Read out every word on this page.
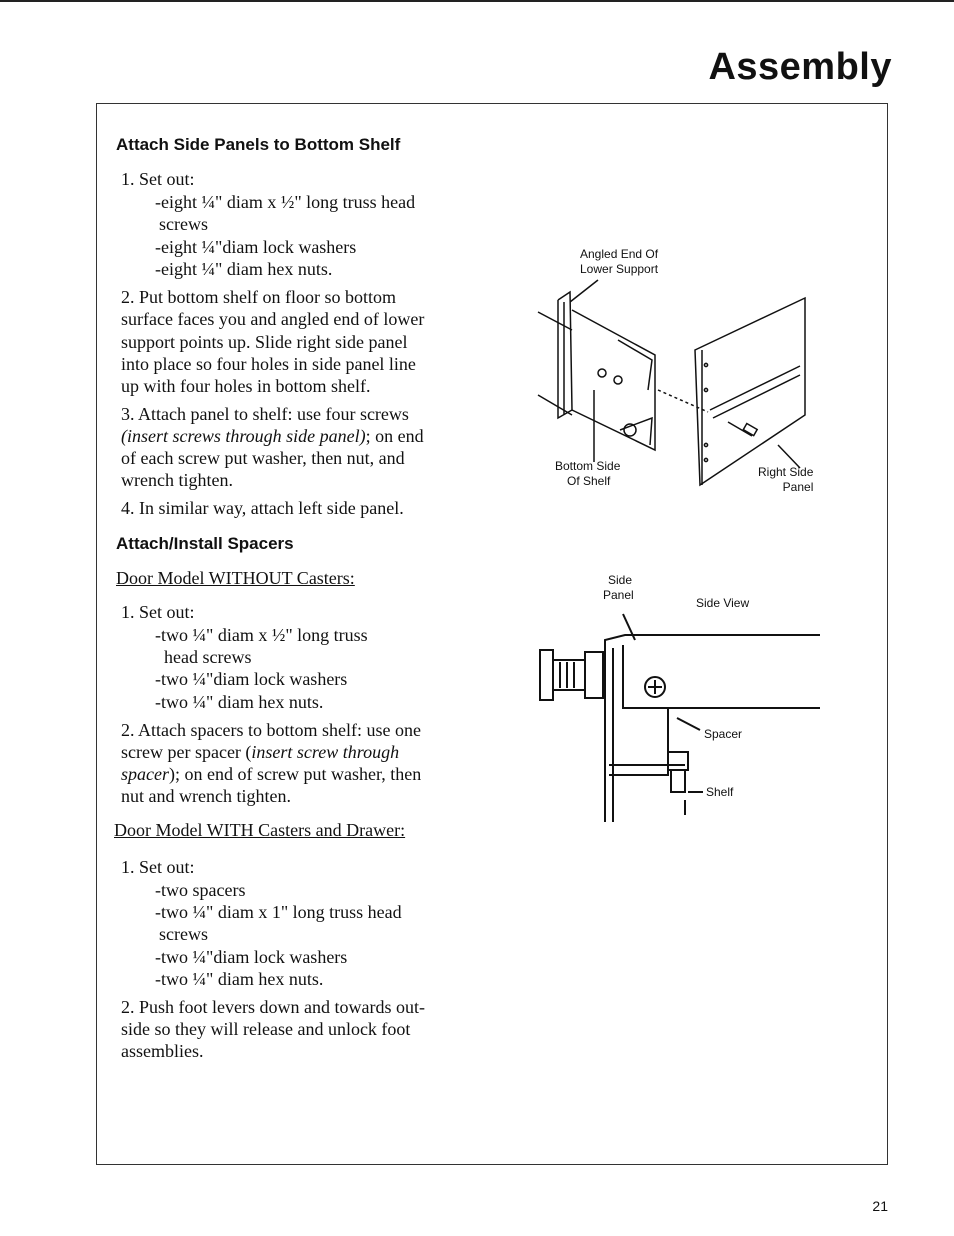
Assembly
Attach Side Panels to Bottom Shelf
1. Set out:
-eight ¼" diam x ½" long truss head
screws
-eight ¼"diam lock washers
-eight ¼" diam hex nuts.
2. Put bottom shelf on floor so bottom
surface faces you and angled end of lower
support points up. Slide right side panel
into place so four holes in side panel line
up with four holes in bottom shelf.
3. Attach panel to shelf: use four screws
(insert screws through side panel); on end
of each screw put washer, then nut, and
wrench tighten.
4. In similar way, attach left side panel.
Attach/Install Spacers
Door Model WITHOUT Casters:
1. Set out:
-two ¼" diam x ½" long truss
head screws
-two ¼"diam lock washers
-two ¼" diam hex nuts.
2. Attach spacers to bottom shelf: use one
screw per spacer (insert screw through
spacer); on end of screw put washer, then
nut and wrench tighten.
Door Model WITH Casters and Drawer:
1. Set out:
-two spacers
-two ¼" diam x 1" long truss head
screws
-two ¼"diam lock washers
-two ¼" diam hex nuts.
2. Push foot levers down and towards out-
side so they will release and unlock foot
assemblies.
Angled End Of
Lower Support
Bottom Side
Of Shelf
Right Side
Panel
Side
Panel
Side View
Spacer
Shelf
21
